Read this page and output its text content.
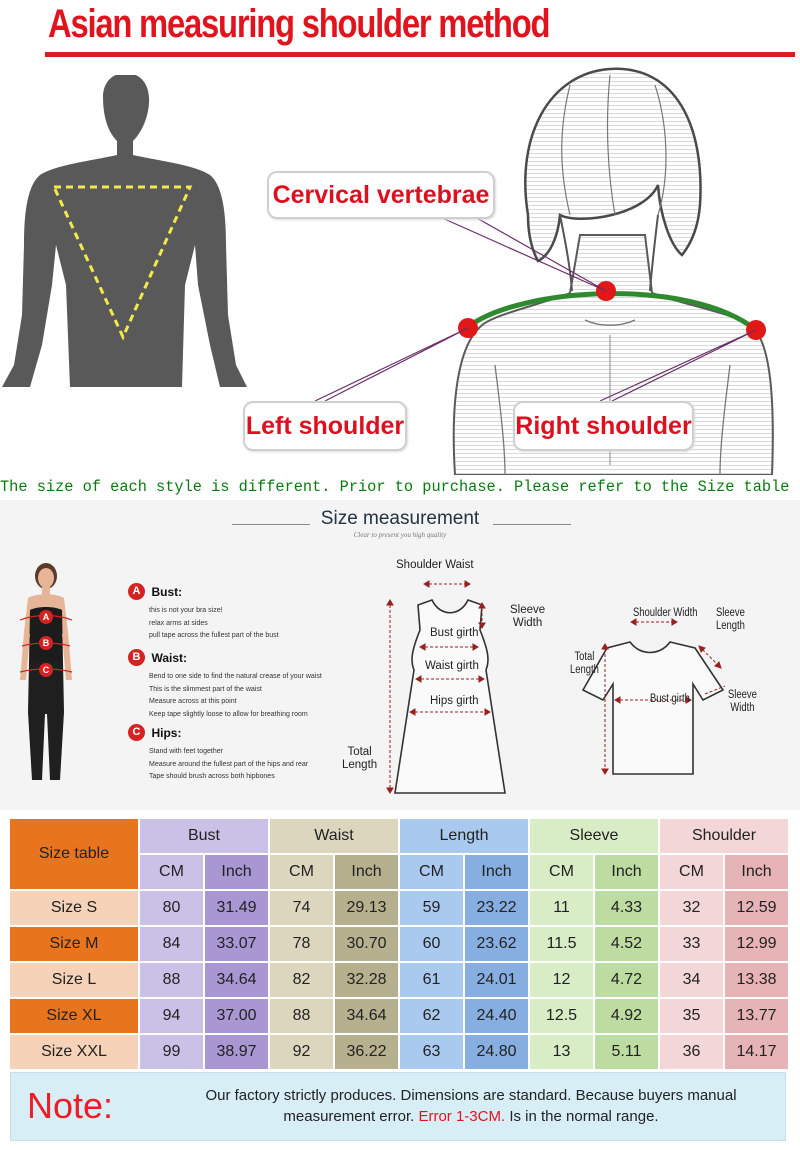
Asian measuring shoulder method
Cervical vertebrae
Left shoulder	Right shoulder
The size of each style is different. Prior to purchase. Please refer to the Size table
Size measurement
Clear to present you high quality
A
B
C
A Bust:
this is not your bra size!
relax arms at sides
pull tape across the fullest part of the bust
B Waist:
Bend to one side to find the natural crease of your waist
This is the slimmest part of the waist
Measure across at this point
Keep tape slightly loose to allow for breathing room
C Hips:
Stand with feet together
Measure around the fullest part of the hips and rear
Tape should brush across both hipbones
Shoulder Waist
Sleeve
Width
Bust girth
Waist girth
Hips girth
Total
Length
Shoulder Width Sleeve
Length
Total
Length
Bust girth	Sleeve
Width
Size table	Bust		Waist		Length		Sleeve		Shoulder	
	CM	Inch	CM	Inch	CM	Inch	CM	Inch	CM	Inch
Size S	80	31.49	74	29.13	59	23.22	11	4.33	32	12.59
Size M	84	33.07	78	30.70	60	23.62	11.5	4.52	33	12.99
Size L	88	34.64	82	32.28	61	24.01	12	4.72	34	13.38
Size XL	94	37.00	88	34.64	62	24.40	12.5	4.92	35	13.77
Size XXL	99	38.97	92	36.22	63	24.80	13	5.11	36	14.17
Note:	Our factory strictly produces. Dimensions are standard. Because buyers manual measurement error. Error 1-3CM. Is in the normal range.
